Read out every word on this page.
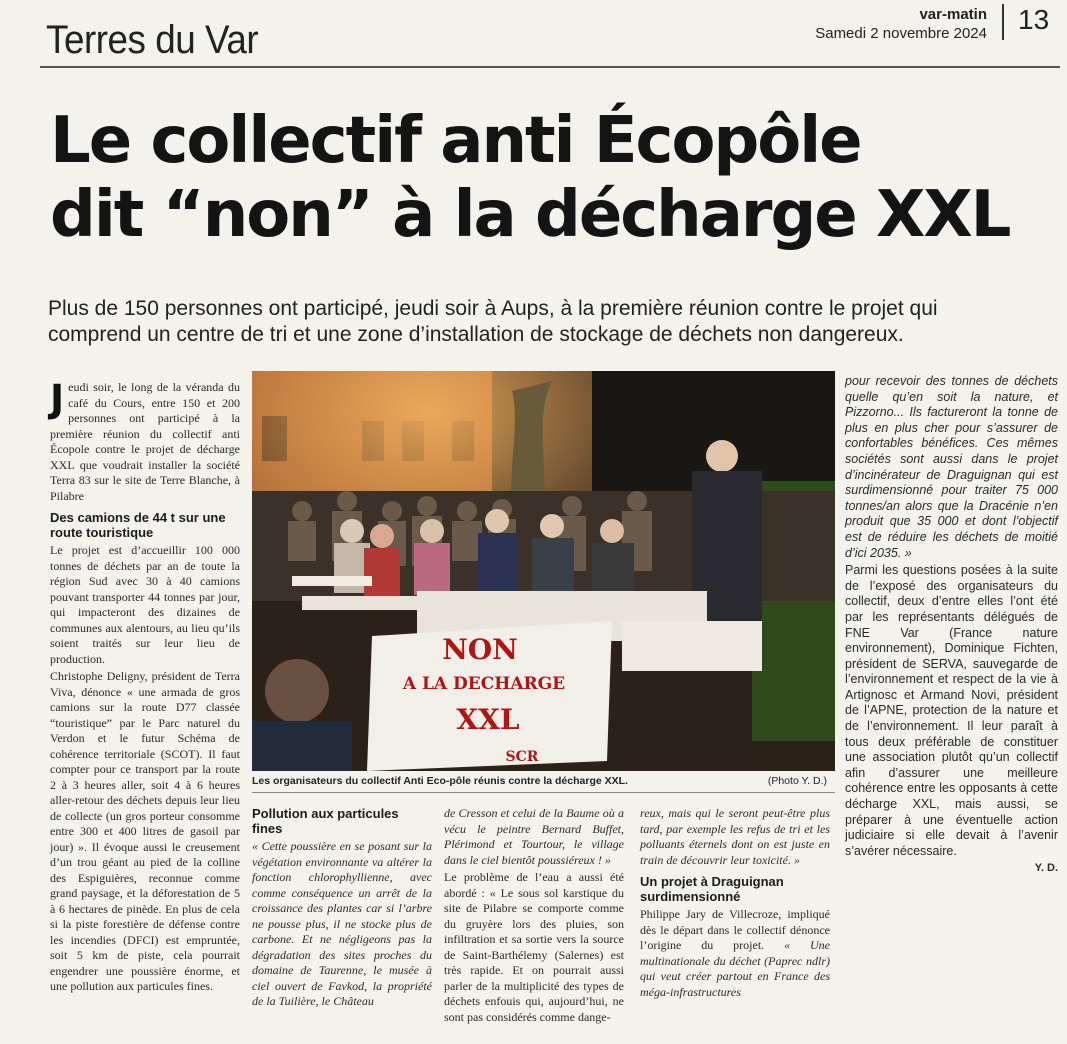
Terres du Var
var-matin
Samedi 2 novembre 2024 13
Le collectif anti Écopôle
dit “non” à la décharge XXL
Plus de 150 personnes ont participé, jeudi soir à Aups, à la première réunion contre le projet qui
comprend un centre de tri et une zone d’installation de stockage de déchets non dangereux.

Jeudi soir, le long de la véranda du café du Cours, entre 150 et 200 personnes ont participé à la première réunion du collectif anti Écopole contre le projet de décharge XXL que voudrait installer la société Terra 83 sur le site de Terre Blanche, à Pilabre

Des camions de 44 t sur une route touristique

Le projet est d’accueillir 100 000 tonnes de déchets par an de toute la région Sud avec 30 à 40 camions pouvant transporter 44 tonnes par jour, qui impacteront des dizaines de communes aux alentours, au lieu qu’ils soient traités sur leur lieu de production.

Christophe Deligny, président de Terra Viva, dénonce « une armada de gros camions sur la route D77 classée “touristique” par le Parc naturel du Verdon et le futur Schéma de cohérence territoriale (SCOT). Il faut compter pour ce transport par la route 2 à 3 heures aller, soit 4 à 6 heures aller-retour des déchets depuis leur lieu de collecte (un gros porteur consomme entre 300 et 400 litres de gasoil par jour) ». Il évoque aussi le creusement d’un trou géant au pied de la colline des Espiguières, reconnue comme grand paysage, et la déforestation de 5 à 6 hectares de pinède. En plus de cela si la piste forestière de défense contre les incendies (DFCI) est empruntée, soit 5 km de piste, cela pourrait engendrer une poussière énorme, et une pollution aux particules fines.

NON
A LA DECHARGE
XXL
SCR
Les organisateurs du collectif Anti Eco-pôle réunis contre la décharge XXL.	(Photo Y. D.)
Pollution aux particules fines

« Cette poussière en se posant sur la végétation environnante va altérer la fonction chlorophyllienne, avec comme conséquence un arrêt de la croissance des plantes car si l’arbre ne pousse plus, il ne stocke plus de carbone. Et ne négligeons pas la dégradation des sites proches du domaine de Taurenne, le musée à ciel ouvert de Favkod, la propriété de la Tuilière, le Château

de Cresson et celui de la Baume où a vécu le peintre Bernard Buffet, Plérimond et Tourtour, le village dans le ciel bientôt poussiéreux ! »

Le problème de l’eau a aussi été abordé : « Le sous sol karstique du site de Pilabre se comporte comme du gruyère lors des pluies, son infiltration et sa sortie vers la source de Saint-Barthélemy (Salernes) est très rapide. Et on pourrait aussi parler de la multiplicité des types de déchets enfouis qui, aujourd’hui, ne sont pas considérés comme dange-

reux, mais qui le seront peut-être plus tard, par exemple les refus de tri et les polluants éternels dont on est juste en train de découvrir leur toxicité. »

Un projet à Draguignan surdimensionné

Philippe Jary de Villecroze, impliqué dès le départ dans le collectif dénonce l’origine du projet. « Une multinationale du déchet (Paprec ndlr) qui veut créer partout en France des méga-infrastructures

pour recevoir des tonnes de déchets quelle qu’en soit la nature, et Pizzorno... Ils factureront la tonne de plus en plus cher pour s’assurer de confortables bénéfices. Ces mêmes sociétés sont aussi dans le projet d’incinérateur de Draguignan qui est surdimensionné pour traiter 75 000 tonnes/an alors que la Dracénie n’en produit que 35 000 et dont l’objectif est de réduire les déchets de moitié d’ici 2035. »

Parmi les questions posées à la suite de l’exposé des organisateurs du collectif, deux d’entre elles l’ont été par les représentants délégués de FNE Var (France nature environnement), Dominique Fichten, président de SERVA, sauvegarde de l’environnement et respect de la vie à Artignosc et Armand Novi, président de l’APNE, protection de la nature et de l’environnement. Il leur paraît à tous deux préférable de constituer une association plutôt qu’un collectif afin d’assurer une meilleure cohérence entre les opposants à cette décharge XXL, mais aussi, se préparer à une éventuelle action judiciaire si elle devait à l’avenir s’avérer nécessaire.

Y. D.
